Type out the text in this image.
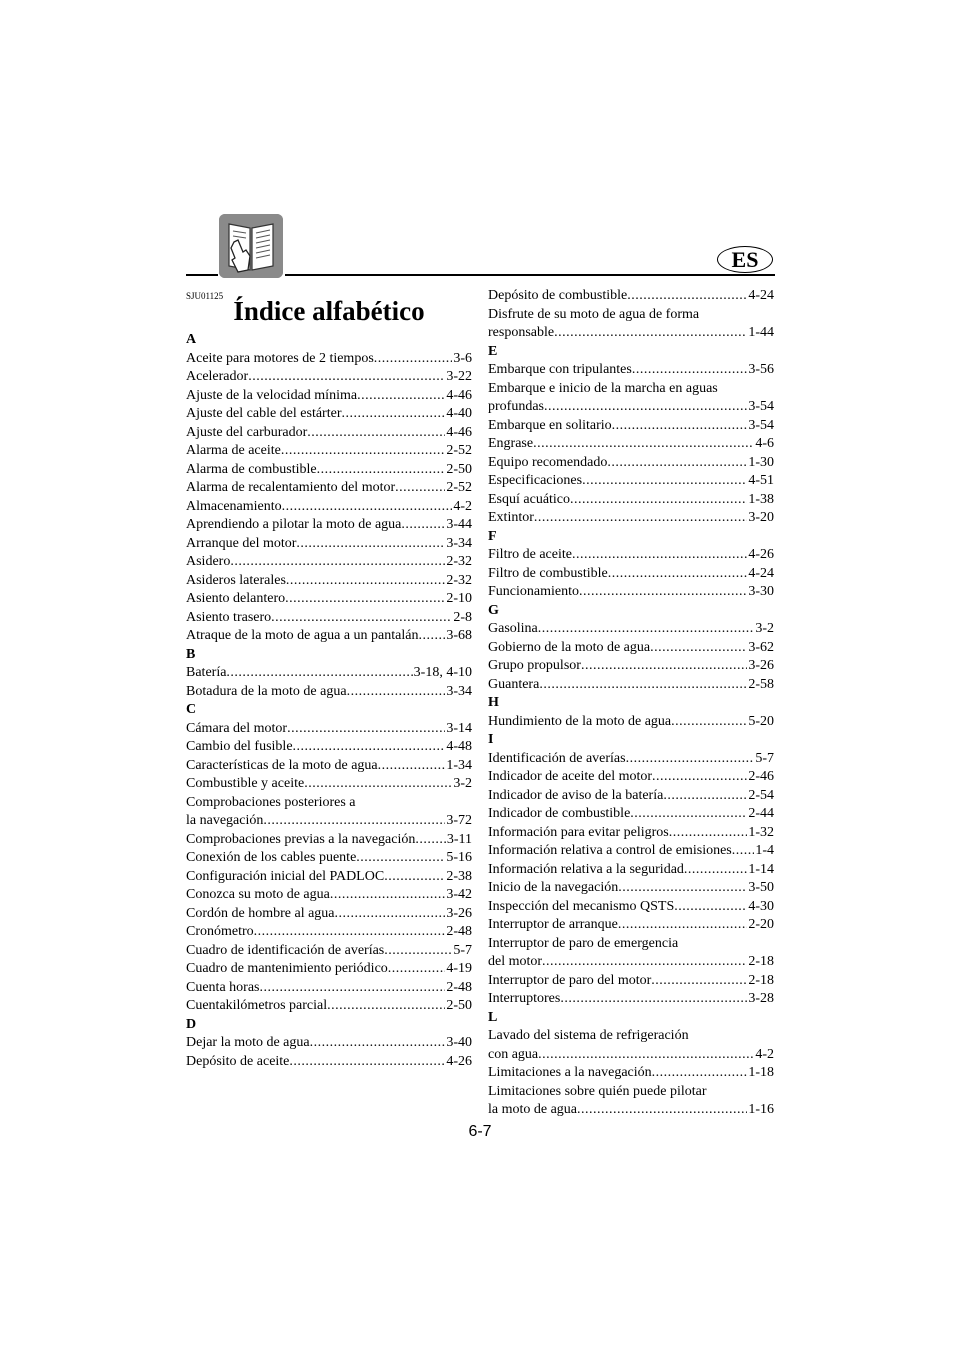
ES
SJU01125 Índice alfabético
A
Aceite para motores de 2 tiempos .....	3-6
Acelerador .....	3-22
Ajuste de la velocidad mínima .....	4-46
Ajuste del cable del estárter .....	4-40
Ajuste del carburador .....	4-46
Alarma de aceite .....	2-52
Alarma de combustible .....	2-50
Alarma de recalentamiento del motor .....	2-52
Almacenamiento .....	4-2
Aprendiendo a pilotar la moto de agua .....	3-44
Arranque del motor .....	3-34
Asidero .....	2-32
Asideros laterales .....	2-32
Asiento delantero .....	2-10
Asiento trasero .....	2-8
Atraque de la moto de agua a un pantalán ..... 3-68
B
Batería .....	3-18, 4-10
Botadura de la moto de agua .....	3-34
C
Cámara del motor .....	3-14
Cambio del fusible .....	4-48
Características de la moto de agua .....	1-34
Combustible y aceite .....	3-2
Comprobaciones posteriores a
la navegación .....	3-72
Comprobaciones previas a la navegación ..... 3-11
Conexión de los cables puente .....	5-16
Configuración inicial del PADLOC .....	2-38
Conozca su moto de agua .....	3-42
Cordón de hombre al agua .....	3-26
Cronómetro .....	2-48
Cuadro de identificación de averías .....	5-7
Cuadro de mantenimiento periódico .....	4-19
Cuenta horas .....	2-48
Cuentakilómetros parcial .....	2-50
D
Dejar la moto de agua .....	3-40
Depósito de aceite .....	4-26
Depósito de combustible .....	4-24
Disfrute de su moto de agua de forma
responsable .....	1-44
E
Embarque con tripulantes .....	3-56
Embarque e inicio de la marcha en aguas
profundas .....	3-54
Embarque en solitario .....	3-54
Engrase .....	4-6
Equipo recomendado .....	1-30
Especificaciones .....	4-51
Esquí acuático .....	1-38
Extintor .....	3-20
F
Filtro de aceite .....	4-26
Filtro de combustible .....	4-24
Funcionamiento .....	3-30
G
Gasolina .....	3-2
Gobierno de la moto de agua .....	3-62
Grupo propulsor .....	3-26
Guantera .....	2-58
H
Hundimiento de la moto de agua .....	5-20
I
Identificación de averías .....	5-7
Indicador de aceite del motor .....	2-46
Indicador de aviso de la batería .....	2-54
Indicador de combustible .....	2-44
Información para evitar peligros .....	1-32
Información relativa a control de emisiones ..... 1-4
Información relativa a la seguridad .....	1-14
Inicio de la navegación .....	3-50
Inspección del mecanismo QSTS .....	4-30
Interruptor de arranque .....	2-20
Interruptor de paro de emergencia
del motor .....	2-18
Interruptor de paro del motor .....	2-18
Interruptores .....	3-28
L
Lavado del sistema de refrigeración
con agua .....	4-2
Limitaciones a la navegación .....	1-18
Limitaciones sobre quién puede pilotar
la moto de agua .....	1-16
6-7
